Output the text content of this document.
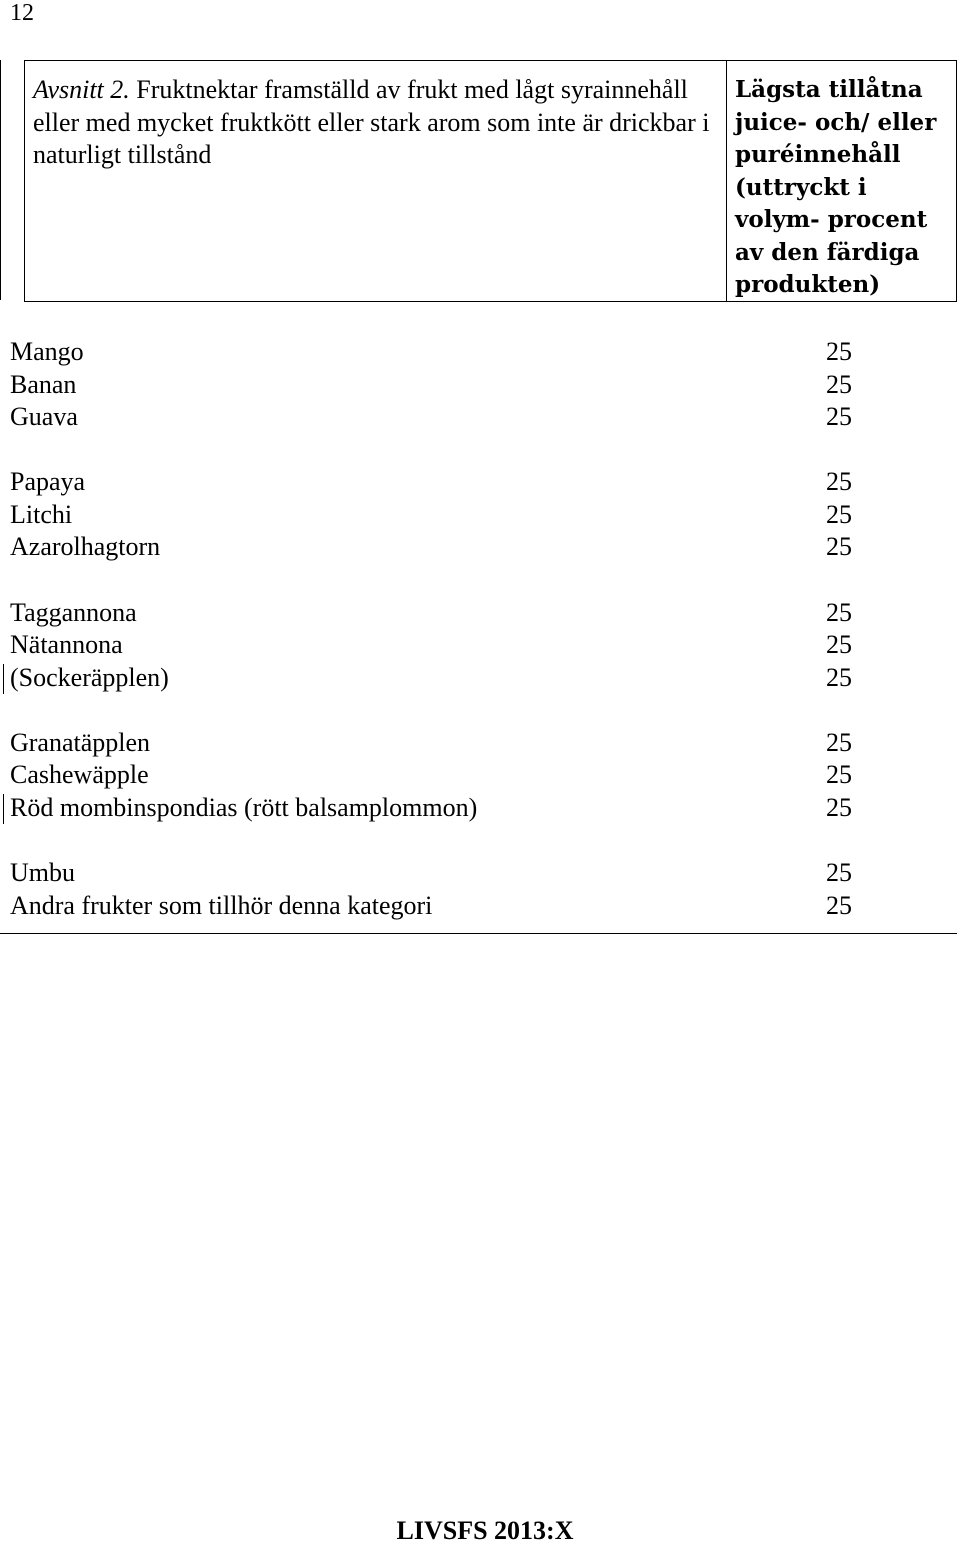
12
Avsnitt 2. Fruktnektar framställd av frukt med lågt syrainnehåll eller med mycket fruktkött eller stark arom som inte är drickbar i naturligt tillstånd
Lägsta tillåtna juice- och/ eller puréinnehåll (uttryckt i volym- procent av den färdiga produkten)
Mango	25
Banan	25
Guava	25
Papaya	25
Litchi	25
Azarolhagtorn	25
Taggannona	25
Nätannona	25
(Sockeräpplen)	25
Granatäpplen	25
Cashewäpple	25
Röd mombinspondias (rött balsamplommon)	25
Umbu	25
Andra frukter som tillhör denna kategori	25
LIVSFS 2013:X
